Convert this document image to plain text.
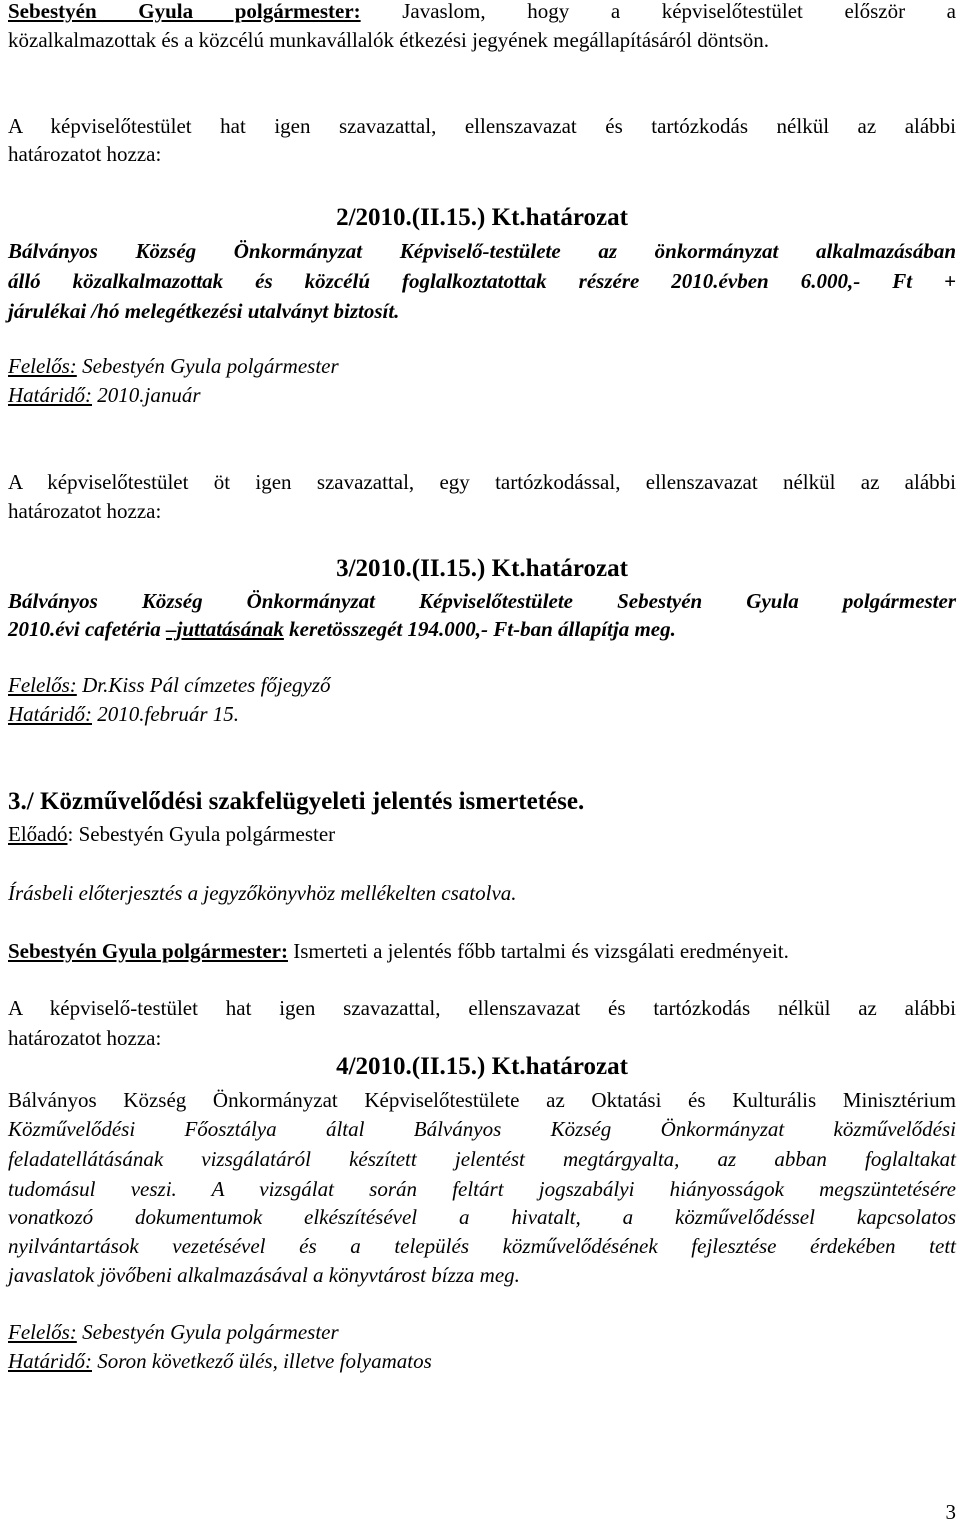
Sebestyén Gyula polgármester: Javaslom, hogy a képviselőtestület először a
közalkalmazottak és a közcélú munkavállalók étkezési jegyének megállapításáról döntsön.
A képviselőtestület hat igen szavazattal, ellenszavazat és tartózkodás nélkül az alábbi
határozatot hozza:
2/2010.(II.15.) Kt.határozat
Bálványos Község Önkormányzat Képviselő-testülete az önkormányzat alkalmazásában
álló közalkalmazottak és közcélú foglalkoztatottak részére 2010.évben 6.000,- Ft +
járulékai /hó melegétkezési utalványt biztosít.
Felelős: Sebestyén Gyula polgármester
Határidő: 2010.január
A képviselőtestület öt igen szavazattal, egy tartózkodással, ellenszavazat nélkül az alábbi
határozatot hozza:
3/2010.(II.15.) Kt.határozat
Bálványos Község Önkormányzat Képviselőtestülete Sebestyén Gyula polgármester
2010.évi cafetéria –juttatásának keretösszegét 194.000,- Ft-ban állapítja meg.
Felelős: Dr.Kiss Pál címzetes főjegyző
Határidő: 2010.február 15.
3./ Közművelődési szakfelügyeleti jelentés ismertetése.
Előadó: Sebestyén Gyula polgármester
Írásbeli előterjesztés a jegyzőkönyvhöz mellékelten csatolva.
Sebestyén Gyula polgármester: Ismerteti a jelentés főbb tartalmi és vizsgálati eredményeit.
A képviselő-testület hat igen szavazattal, ellenszavazat és tartózkodás nélkül az alábbi
határozatot hozza:
4/2010.(II.15.) Kt.határozat
Bálványos Község Önkormányzat Képviselőtestülete az Oktatási és Kulturális Minisztérium
Közművelődési Főosztálya által Bálványos Község Önkormányzat közművelődési
feladatellátásának vizsgálatáról készített jelentést megtárgyalta, az abban foglaltakat
tudomásul veszi. A vizsgálat során feltárt jogszabályi hiányosságok megszüntetésére
vonatkozó dokumentumok elkészítésével a hivatalt, a közművelődéssel kapcsolatos
nyilvántartások vezetésével és a település közművelődésének fejlesztése érdekében tett
javaslatok jövőbeni alkalmazásával a könyvtárost bízza meg.
Felelős: Sebestyén Gyula polgármester
Határidő: Soron következő ülés, illetve folyamatos
3
